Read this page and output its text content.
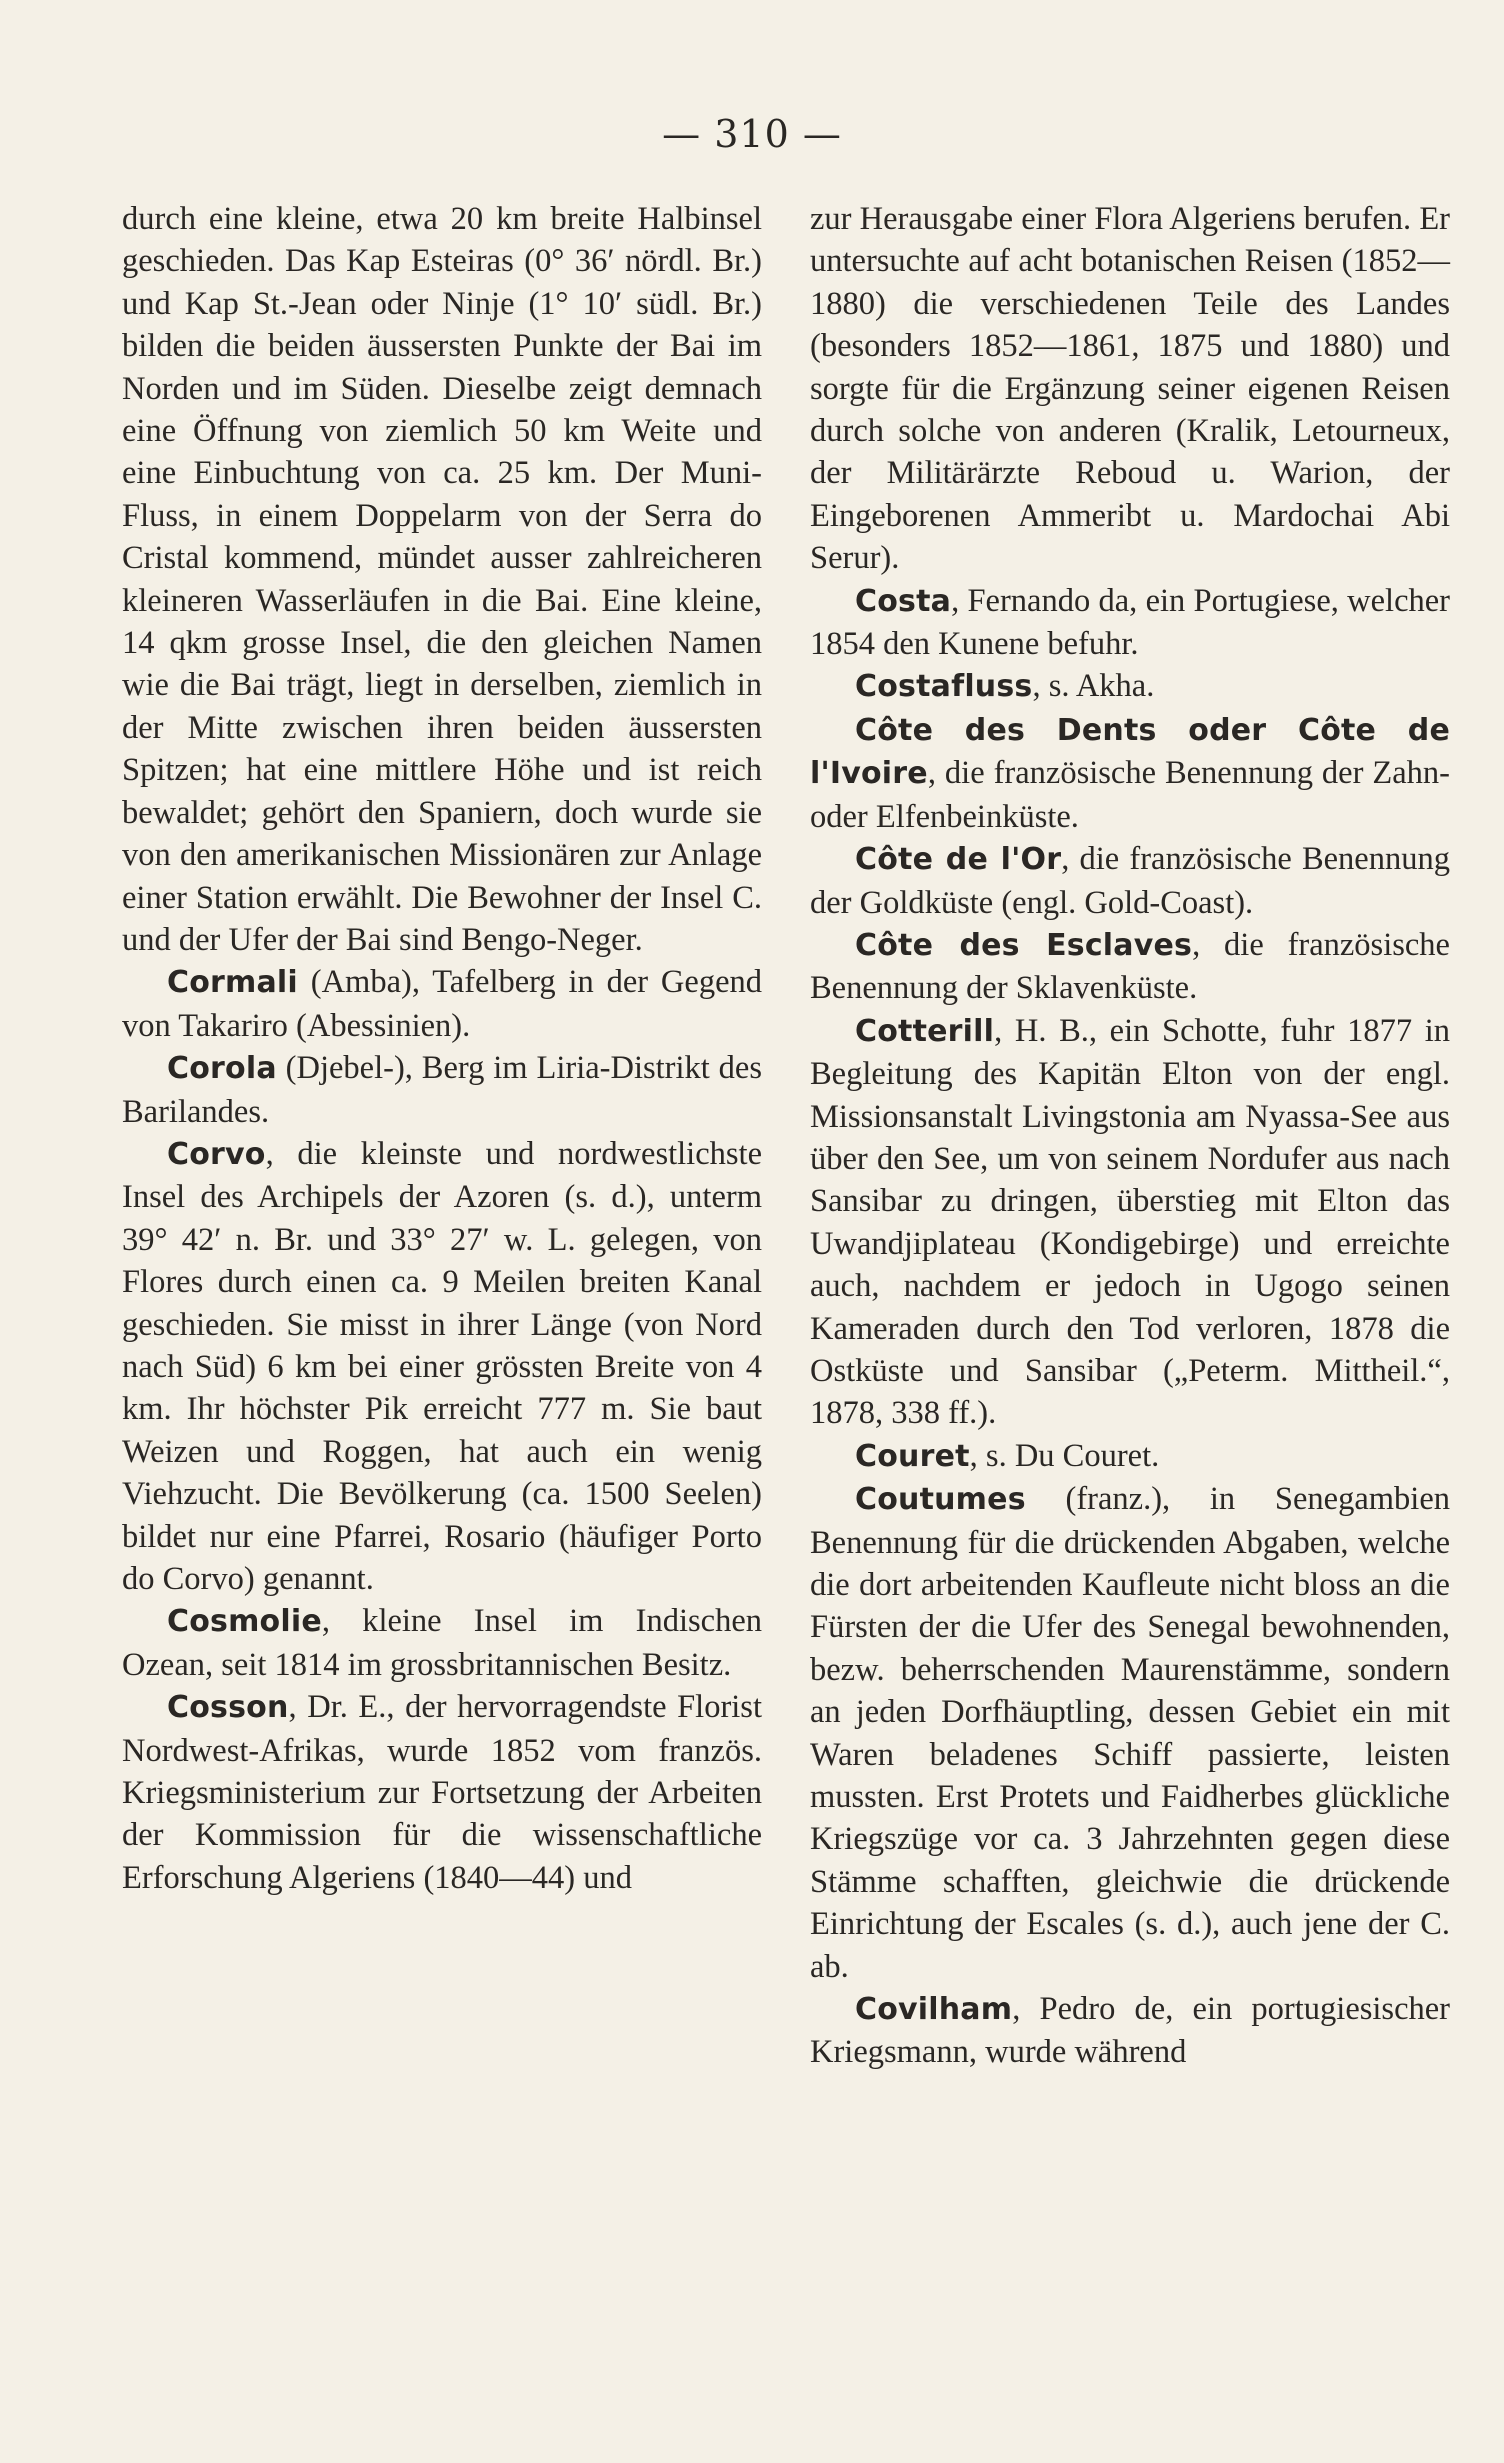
— 310 —

durch eine kleine, etwa 20 km breite Halbinsel geschieden. Das Kap Esteiras (0° 36′ nördl. Br.) und Kap St.-Jean oder Ninje (1° 10′ südl. Br.) bilden die beiden äussersten Punkte der Bai im Norden und im Süden. Dieselbe zeigt demnach eine Öffnung von ziemlich 50 km Weite und eine Einbuchtung von ca. 25 km. Der Muni-Fluss, in einem Doppelarm von der Serra do Cristal kommend, mündet ausser zahlreicheren kleineren Wasserläufen in die Bai. Eine kleine, 14 qkm grosse Insel, die den gleichen Namen wie die Bai trägt, liegt in derselben, ziemlich in der Mitte zwischen ihren beiden äussersten Spitzen; hat eine mittlere Höhe und ist reich bewaldet; gehört den Spaniern, doch wurde sie von den amerikanischen Missionären zur Anlage einer Station erwählt. Die Bewohner der Insel C. und der Ufer der Bai sind Bengo-Neger.

Cormali (Amba), Tafelberg in der Gegend von Takariro (Abessinien).

Corola (Djebel-), Berg im Liria-Distrikt des Barilandes.

Corvo, die kleinste und nordwestlichste Insel des Archipels der Azoren (s. d.), unterm 39° 42′ n. Br. und 33° 27′ w. L. gelegen, von Flores durch einen ca. 9 Meilen breiten Kanal geschieden. Sie misst in ihrer Länge (von Nord nach Süd) 6 km bei einer grössten Breite von 4 km. Ihr höchster Pik erreicht 777 m. Sie baut Weizen und Roggen, hat auch ein wenig Viehzucht. Die Bevölkerung (ca. 1500 Seelen) bildet nur eine Pfarrei, Rosario (häufiger Porto do Corvo) genannt.

Cosmolie, kleine Insel im Indischen Ozean, seit 1814 im grossbritannischen Besitz.

Cosson, Dr. E., der hervorragendste Florist Nordwest-Afrikas, wurde 1852 vom französ. Kriegsministerium zur Fortsetzung der Arbeiten der Kommission für die wissenschaftliche Erforschung Algeriens (1840—44) und

zur Herausgabe einer Flora Algeriens berufen. Er untersuchte auf acht botanischen Reisen (1852—1880) die verschiedenen Teile des Landes (besonders 1852—1861, 1875 und 1880) und sorgte für die Ergänzung seiner eigenen Reisen durch solche von anderen (Kralik, Letourneux, der Militärärzte Reboud u. Warion, der Eingeborenen Ammeribt u. Mardochai Abi Serur).

Costa, Fernando da, ein Portugiese, welcher 1854 den Kunene befuhr.

Costafluss, s. Akha.

Côte des Dents oder Côte de l'Ivoire, die französische Benennung der Zahn- oder Elfenbeinküste.

Côte de l'Or, die französische Benennung der Goldküste (engl. Gold-Coast).

Côte des Esclaves, die französische Benennung der Sklavenküste.

Cotterill, H. B., ein Schotte, fuhr 1877 in Begleitung des Kapitän Elton von der engl. Missionsanstalt Livingstonia am Nyassa-See aus über den See, um von seinem Nordufer aus nach Sansibar zu dringen, überstieg mit Elton das Uwandjiplateau (Kondigebirge) und erreichte auch, nachdem er jedoch in Ugogo seinen Kameraden durch den Tod verloren, 1878 die Ostküste und Sansibar („Peterm. Mittheil.“, 1878, 338 ff.).

Couret, s. Du Couret.

Coutumes (franz.), in Senegambien Benennung für die drückenden Abgaben, welche die dort arbeitenden Kaufleute nicht bloss an die Fürsten der die Ufer des Senegal bewohnenden, bezw. beherrschenden Maurenstämme, sondern an jeden Dorfhäuptling, dessen Gebiet ein mit Waren beladenes Schiff passierte, leisten mussten. Erst Protets und Faidherbes glückliche Kriegszüge vor ca. 3 Jahrzehnten gegen diese Stämme schafften, gleichwie die drückende Einrichtung der Escales (s. d.), auch jene der C. ab.

Covilham, Pedro de, ein portugiesischer Kriegsmann, wurde während
